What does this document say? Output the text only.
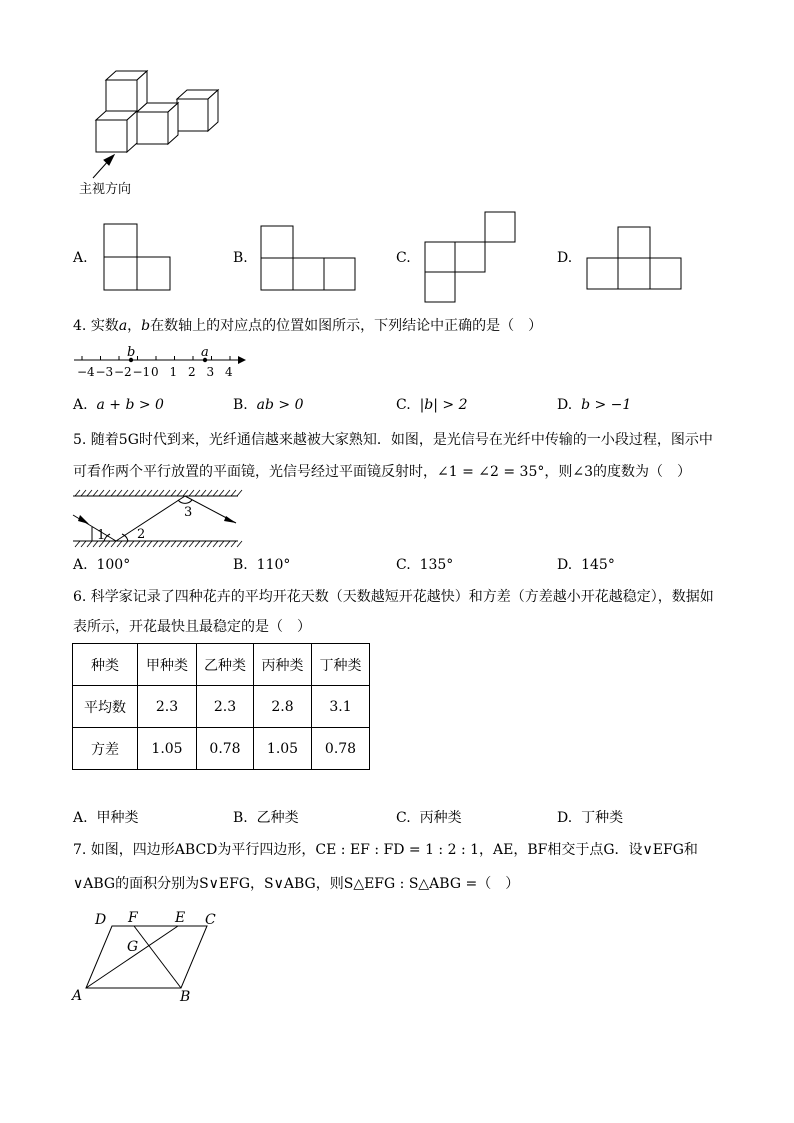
主视方向
A.	B.	C.	D.
4. 实数a，b在数轴上的对应点的位置如图所示，下列结论中正确的是（　）
−4 −3 −2 −1 0 1 2 3 4
b	a
A. a + b > 0	B. ab > 0	C. |b| > 2	D. b > −1
5. 随着5G时代到来，光纤通信越来越被大家熟知．如图，是光信号在光纤中传输的一小段过程，图示中
可看作两个平行放置的平面镜，光信号经过平面镜反射时，∠1 = ∠2 = 35°，则∠3的度数为（　）
1 2
3
A. 100°	B. 110°	C. 135°	D. 145°
6. 科学家记录了四种花卉的平均开花天数（天数越短开花越快）和方差（方差越小开花越稳定），数据如
表所示，开花最快且最稳定的是（　）
种类	甲种类	乙种类	丙种类	丁种类
平均数	2.3	2.3	2.8	3.1
方差	1.05	0.78	1.05	0.78
A. 甲种类	B. 乙种类	C. 丙种类	D. 丁种类
7. 如图，四边形ABCD为平行四边形，CE : EF : FD = 1 : 2 : 1，AE，BF相交于点G．设∨EFG和
∨ABG的面积分别为S∨EFG，S∨ABG，则S△EFG : S△ABG =（　）
D F	E C
G
A	B
